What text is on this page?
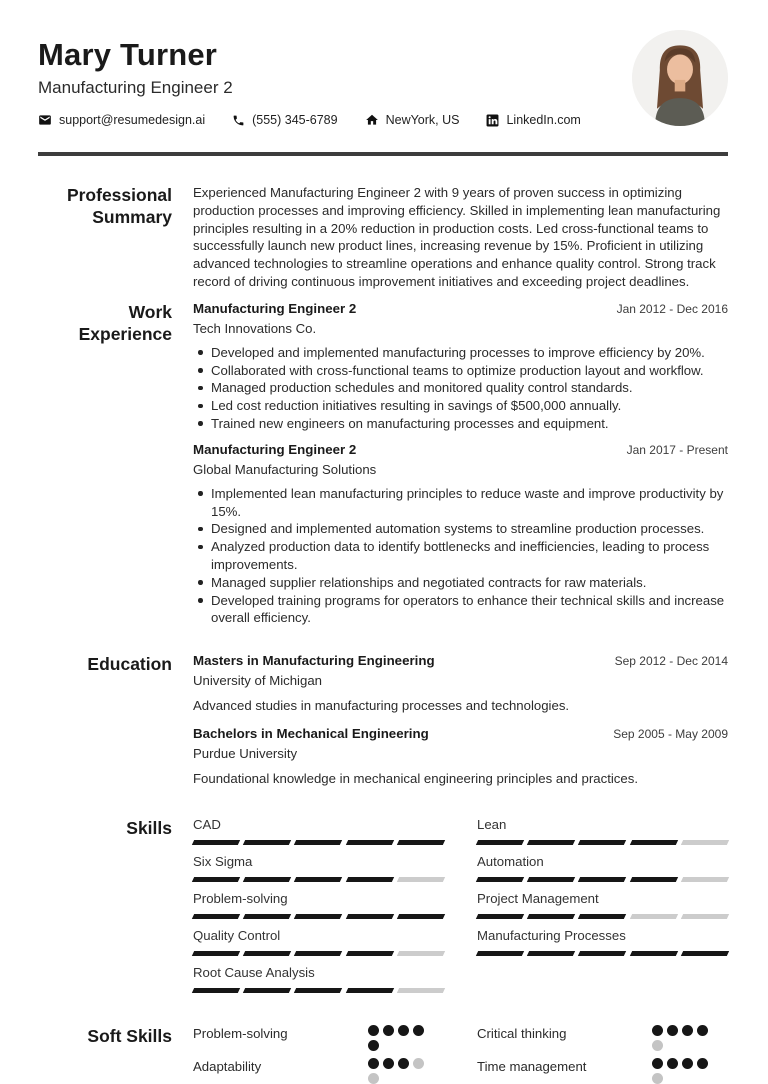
Mary Turner
Manufacturing Engineer 2
support@resumedesign.ai	(555) 345-6789	NewYork, US	LinkedIn.com
Professional Summary
Experienced Manufacturing Engineer 2 with 9 years of proven success in optimizing production processes and improving efficiency. Skilled in implementing lean manufacturing principles resulting in a 20% reduction in production costs. Led cross-functional teams to successfully launch new product lines, increasing revenue by 15%. Proficient in utilizing advanced technologies to streamline operations and enhance quality control. Strong track record of driving continuous improvement initiatives and exceeding project deadlines.
Work Experience
Manufacturing Engineer 2	Jan 2012 - Dec 2016
Tech Innovations Co.
Developed and implemented manufacturing processes to improve efficiency by 20%.
Collaborated with cross-functional teams to optimize production layout and workflow.
Managed production schedules and monitored quality control standards.
Led cost reduction initiatives resulting in savings of $500,000 annually.
Trained new engineers on manufacturing processes and equipment.
Manufacturing Engineer 2	Jan 2017 - Present
Global Manufacturing Solutions
Implemented lean manufacturing principles to reduce waste and improve productivity by 15%.
Designed and implemented automation systems to streamline production processes.
Analyzed production data to identify bottlenecks and inefficiencies, leading to process improvements.
Managed supplier relationships and negotiated contracts for raw materials.
Developed training programs for operators to enhance their technical skills and increase overall efficiency.
Education Masters in Manufacturing Engineering	Sep 2012 - Dec 2014
University of Michigan
Advanced studies in manufacturing processes and technologies.
Bachelors in Mechanical Engineering	Sep 2005 - May 2009
Purdue University
Foundational knowledge in mechanical engineering principles and practices.
Skills CAD	Lean
Six Sigma	Automation
Problem-solving	Project Management
Quality Control	Manufacturing Processes
Root Cause Analysis
Soft Skills Problem-solving	Critical thinking
Adaptability	Time management
